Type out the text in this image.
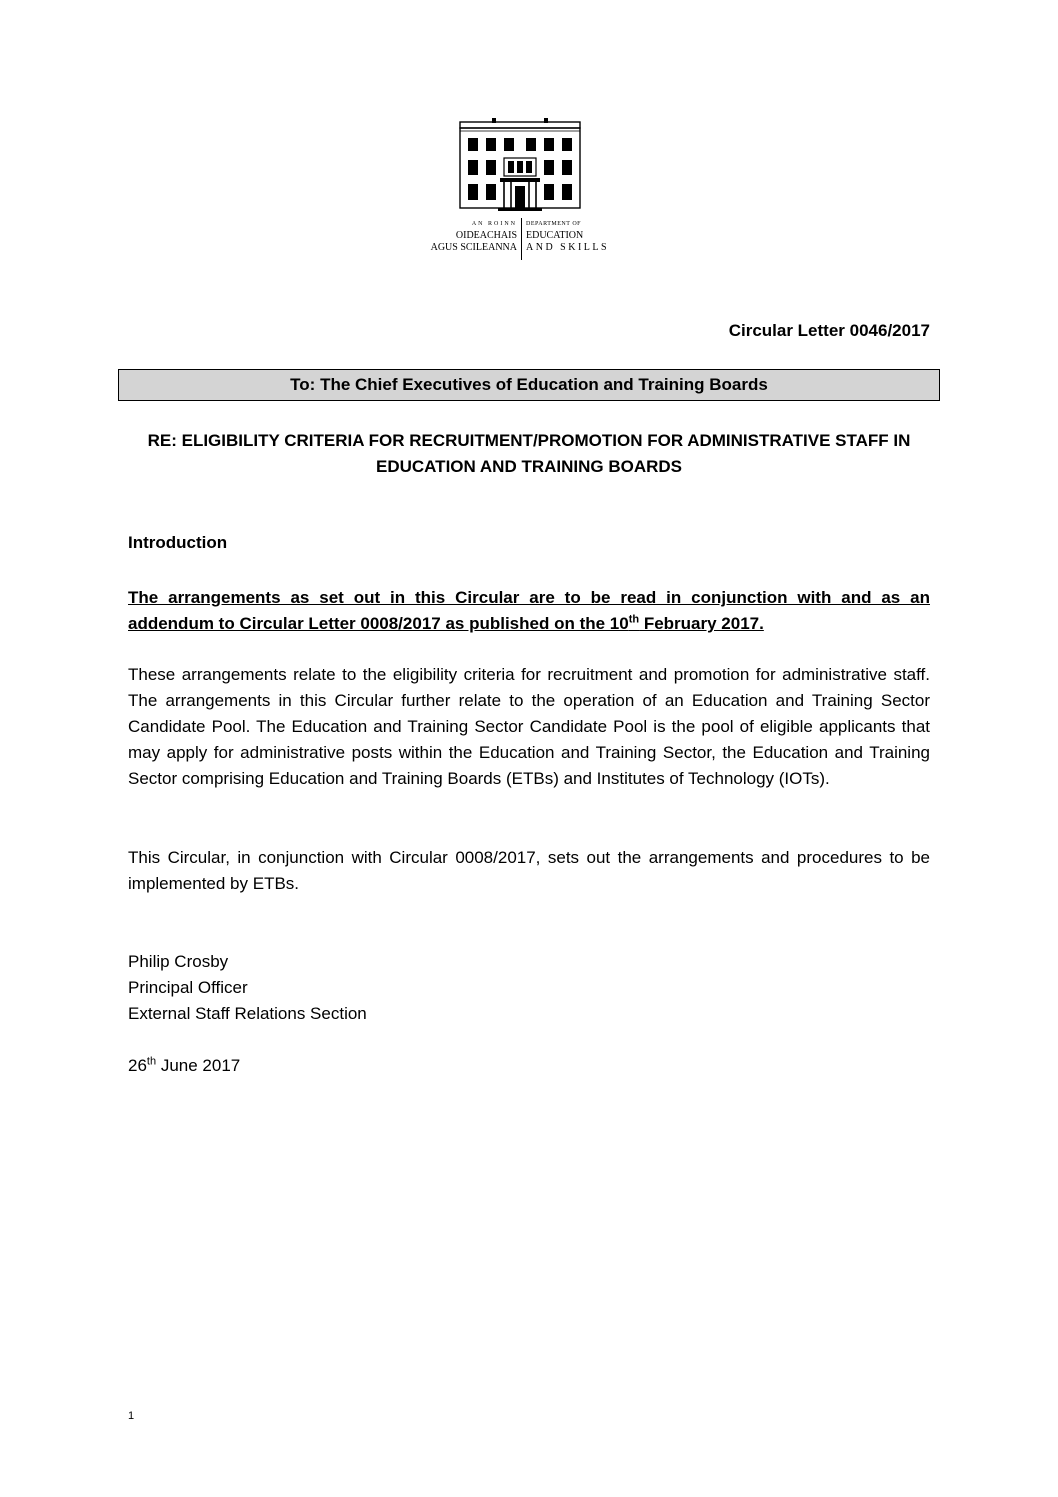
AN ROINN
OIDEACHAIS
AGUS SCILEANNA
DEPARTMENT OF
EDUCATION
AND SKILLS
Circular Letter 0046/2017
To: The Chief Executives of Education and Training Boards
RE: ELIGIBILITY CRITERIA FOR RECRUITMENT/PROMOTION FOR ADMINISTRATIVE STAFF IN EDUCATION AND TRAINING BOARDS
Introduction
The arrangements as set out in this Circular are to be read in conjunction with and as an addendum to Circular Letter 0008/2017 as published on the 10th February 2017.
These arrangements relate to the eligibility criteria for recruitment and promotion for administrative staff. The arrangements in this Circular further relate to the operation of an Education and Training Sector Candidate Pool. The Education and Training Sector Candidate Pool is the pool of eligible applicants that may apply for administrative posts within the Education and Training Sector, the Education and Training Sector comprising Education and Training Boards (ETBs) and Institutes of Technology (IOTs).
This Circular, in conjunction with Circular 0008/2017, sets out the arrangements and procedures to be implemented by ETBs.
Philip Crosby
Principal Officer
External Staff Relations Section
26th June 2017
1
